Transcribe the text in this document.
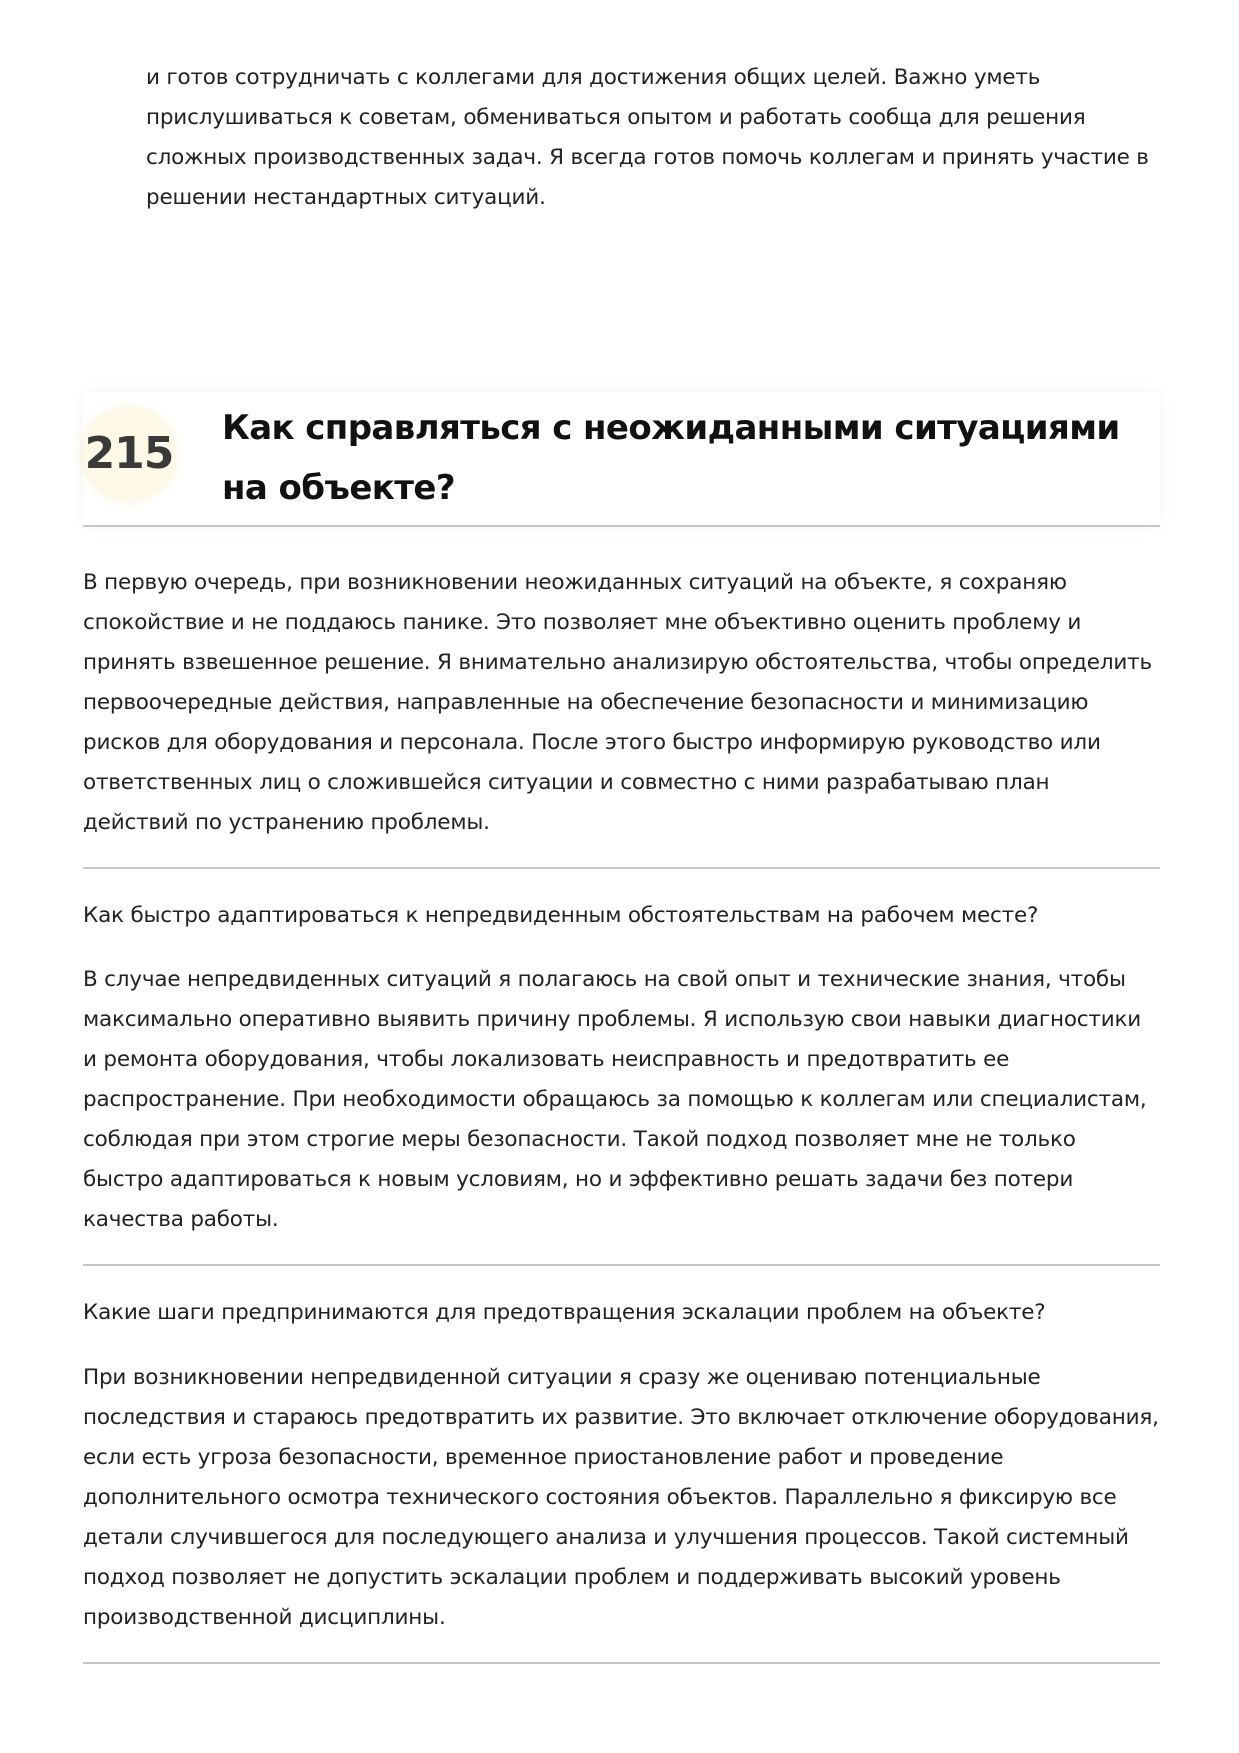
и готов сотрудничать с коллегами для достижения общих целей. Важно уметь прислушиваться к советам, обмениваться опытом и работать сообща для решения сложных производственных задач. Я всегда готов помочь коллегам и принять участие в решении нестандартных ситуаций.

215 Как справляться с неожиданными ситуациями на объекте?

В первую очередь, при возникновении неожиданных ситуаций на объекте, я сохраняю спокойствие и не поддаюсь панике. Это позволяет мне объективно оценить проблему и принять взвешенное решение. Я внимательно анализирую обстоятельства, чтобы определить первоочередные действия, направленные на обеспечение безопасности и минимизацию рисков для оборудования и персонала. После этого быстро информирую руководство или ответственных лиц о сложившейся ситуации и совместно с ними разрабатываю план действий по устранению проблемы.

Как быстро адаптироваться к непредвиденным обстоятельствам на рабочем месте?

В случае непредвиденных ситуаций я полагаюсь на свой опыт и технические знания, чтобы максимально оперативно выявить причину проблемы. Я использую свои навыки диагностики и ремонта оборудования, чтобы локализовать неисправность и предотвратить ее распространение. При необходимости обращаюсь за помощью к коллегам или специалистам, соблюдая при этом строгие меры безопасности. Такой подход позволяет мне не только быстро адаптироваться к новым условиям, но и эффективно решать задачи без потери качества работы.

Какие шаги предпринимаются для предотвращения эскалации проблем на объекте?

При возникновении непредвиденной ситуации я сразу же оцениваю потенциальные последствия и стараюсь предотвратить их развитие. Это включает отключение оборудования, если есть угроза безопасности, временное приостановление работ и проведение дополнительного осмотра технического состояния объектов. Параллельно я фиксирую все детали случившегося для последующего анализа и улучшения процессов. Такой системный подход позволяет не допустить эскалации проблем и поддерживать высокий уровень производственной дисциплины.
